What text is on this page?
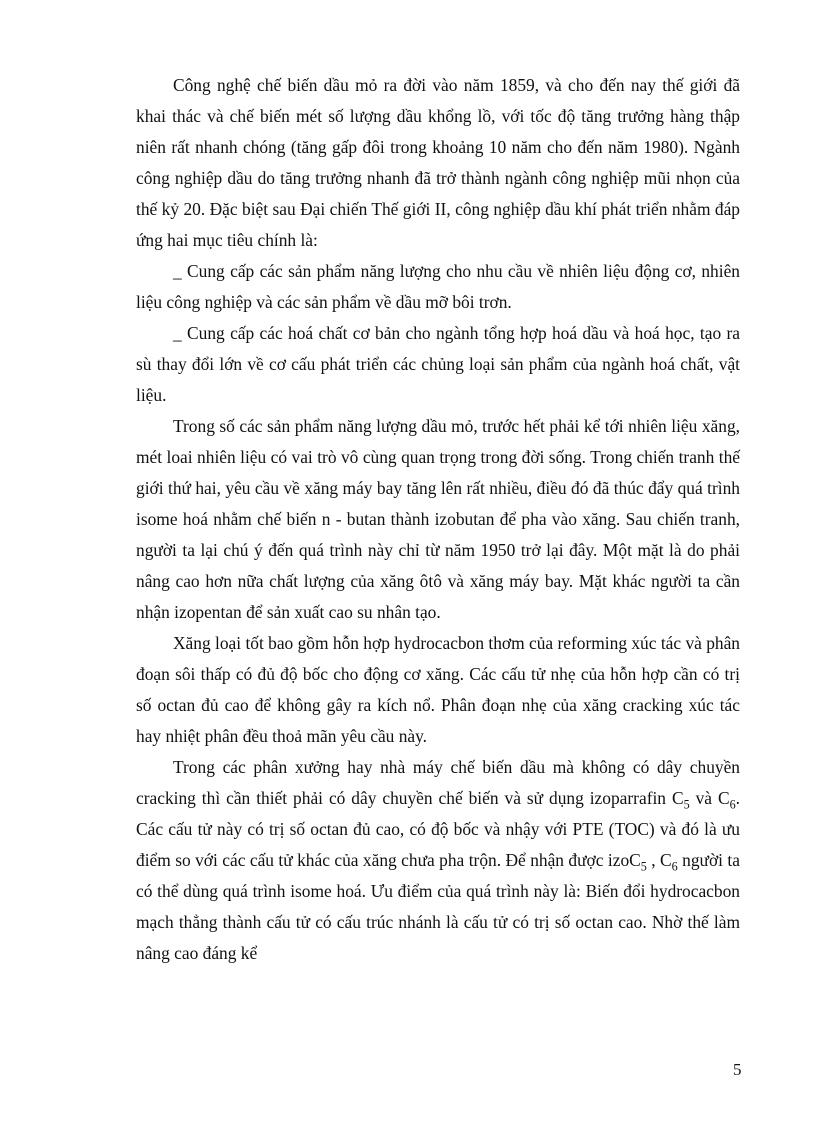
Công nghệ chế biến dầu mỏ ra đời vào năm 1859, và cho đến nay thế giới đã khai thác và chế biến mét số lượng dầu khổng lồ, với tốc độ tăng trưởng hàng thập niên rất nhanh chóng (tăng gấp đôi trong khoảng 10 năm cho đến năm 1980). Ngành công nghiệp dầu do tăng trưởng nhanh đã trở thành ngành công nghiệp mũi nhọn của thế kỷ 20. Đặc biệt sau Đại chiến Thế giới II, công nghiệp dầu khí phát triển nhằm đáp ứng hai mục tiêu chính là:

_ Cung cấp các sản phẩm năng lượng cho nhu cầu về nhiên liệu động cơ, nhiên liệu công nghiệp và các sản phẩm về dầu mỡ bôi trơn.

_ Cung cấp các hoá chất cơ bản cho ngành tổng hợp hoá dầu và hoá học, tạo ra sù thay đổi lớn về cơ cấu phát triển các chủng loại sản phẩm của ngành hoá chất, vật liệu.

Trong số các sản phẩm năng lượng dầu mỏ, trước hết phải kể tới nhiên liệu xăng, mét loai nhiên liệu có vai trò vô cùng quan trọng trong đời sống. Trong chiến tranh thế giới thứ hai, yêu cầu về xăng máy bay tăng lên rất nhiều, điều đó đã thúc đẩy quá trình isome hoá nhằm chế biến n - butan thành izobutan để pha vào xăng. Sau chiến tranh, người ta lại chú ý đến quá trình này chỉ từ năm 1950 trở lại đây. Một mặt là do phải nâng cao hơn nữa chất lượng của xăng ôtô và xăng máy bay. Mặt khác người ta cần nhận izopentan để sản xuất cao su nhân tạo.

Xăng loại tốt bao gồm hỗn hợp hydrocacbon thơm của reforming xúc tác và phân đoạn sôi thấp có đủ độ bốc cho động cơ xăng. Các cấu tử nhẹ của hỗn hợp cần có trị số octan đủ cao để không gây ra kích nổ. Phân đoạn nhẹ của xăng cracking xúc tác hay nhiệt phân đều thoả mãn yêu cầu này.

Trong các phân xưởng hay nhà máy chế biến dầu mà không có dây chuyền cracking thì cần thiết phải có dây chuyền chế biến và sử dụng izoparrafin $C_5$ và $C_6$. Các cấu tử này có trị số octan đủ cao, có độ bốc và nhậy với PTE (TOC) và đó là ưu điểm so với các cấu tử khác của xăng chưa pha trộn. Để nhận được izoC$_5$ , $C_6$ người ta có thể dùng quá trình isome hoá. Ưu điểm của quá trình này là: Biến đổi hydrocacbon mạch thẳng thành cấu tử có cấu trúc nhánh là cấu tử có trị số octan cao. Nhờ thế làm nâng cao đáng kể

5
